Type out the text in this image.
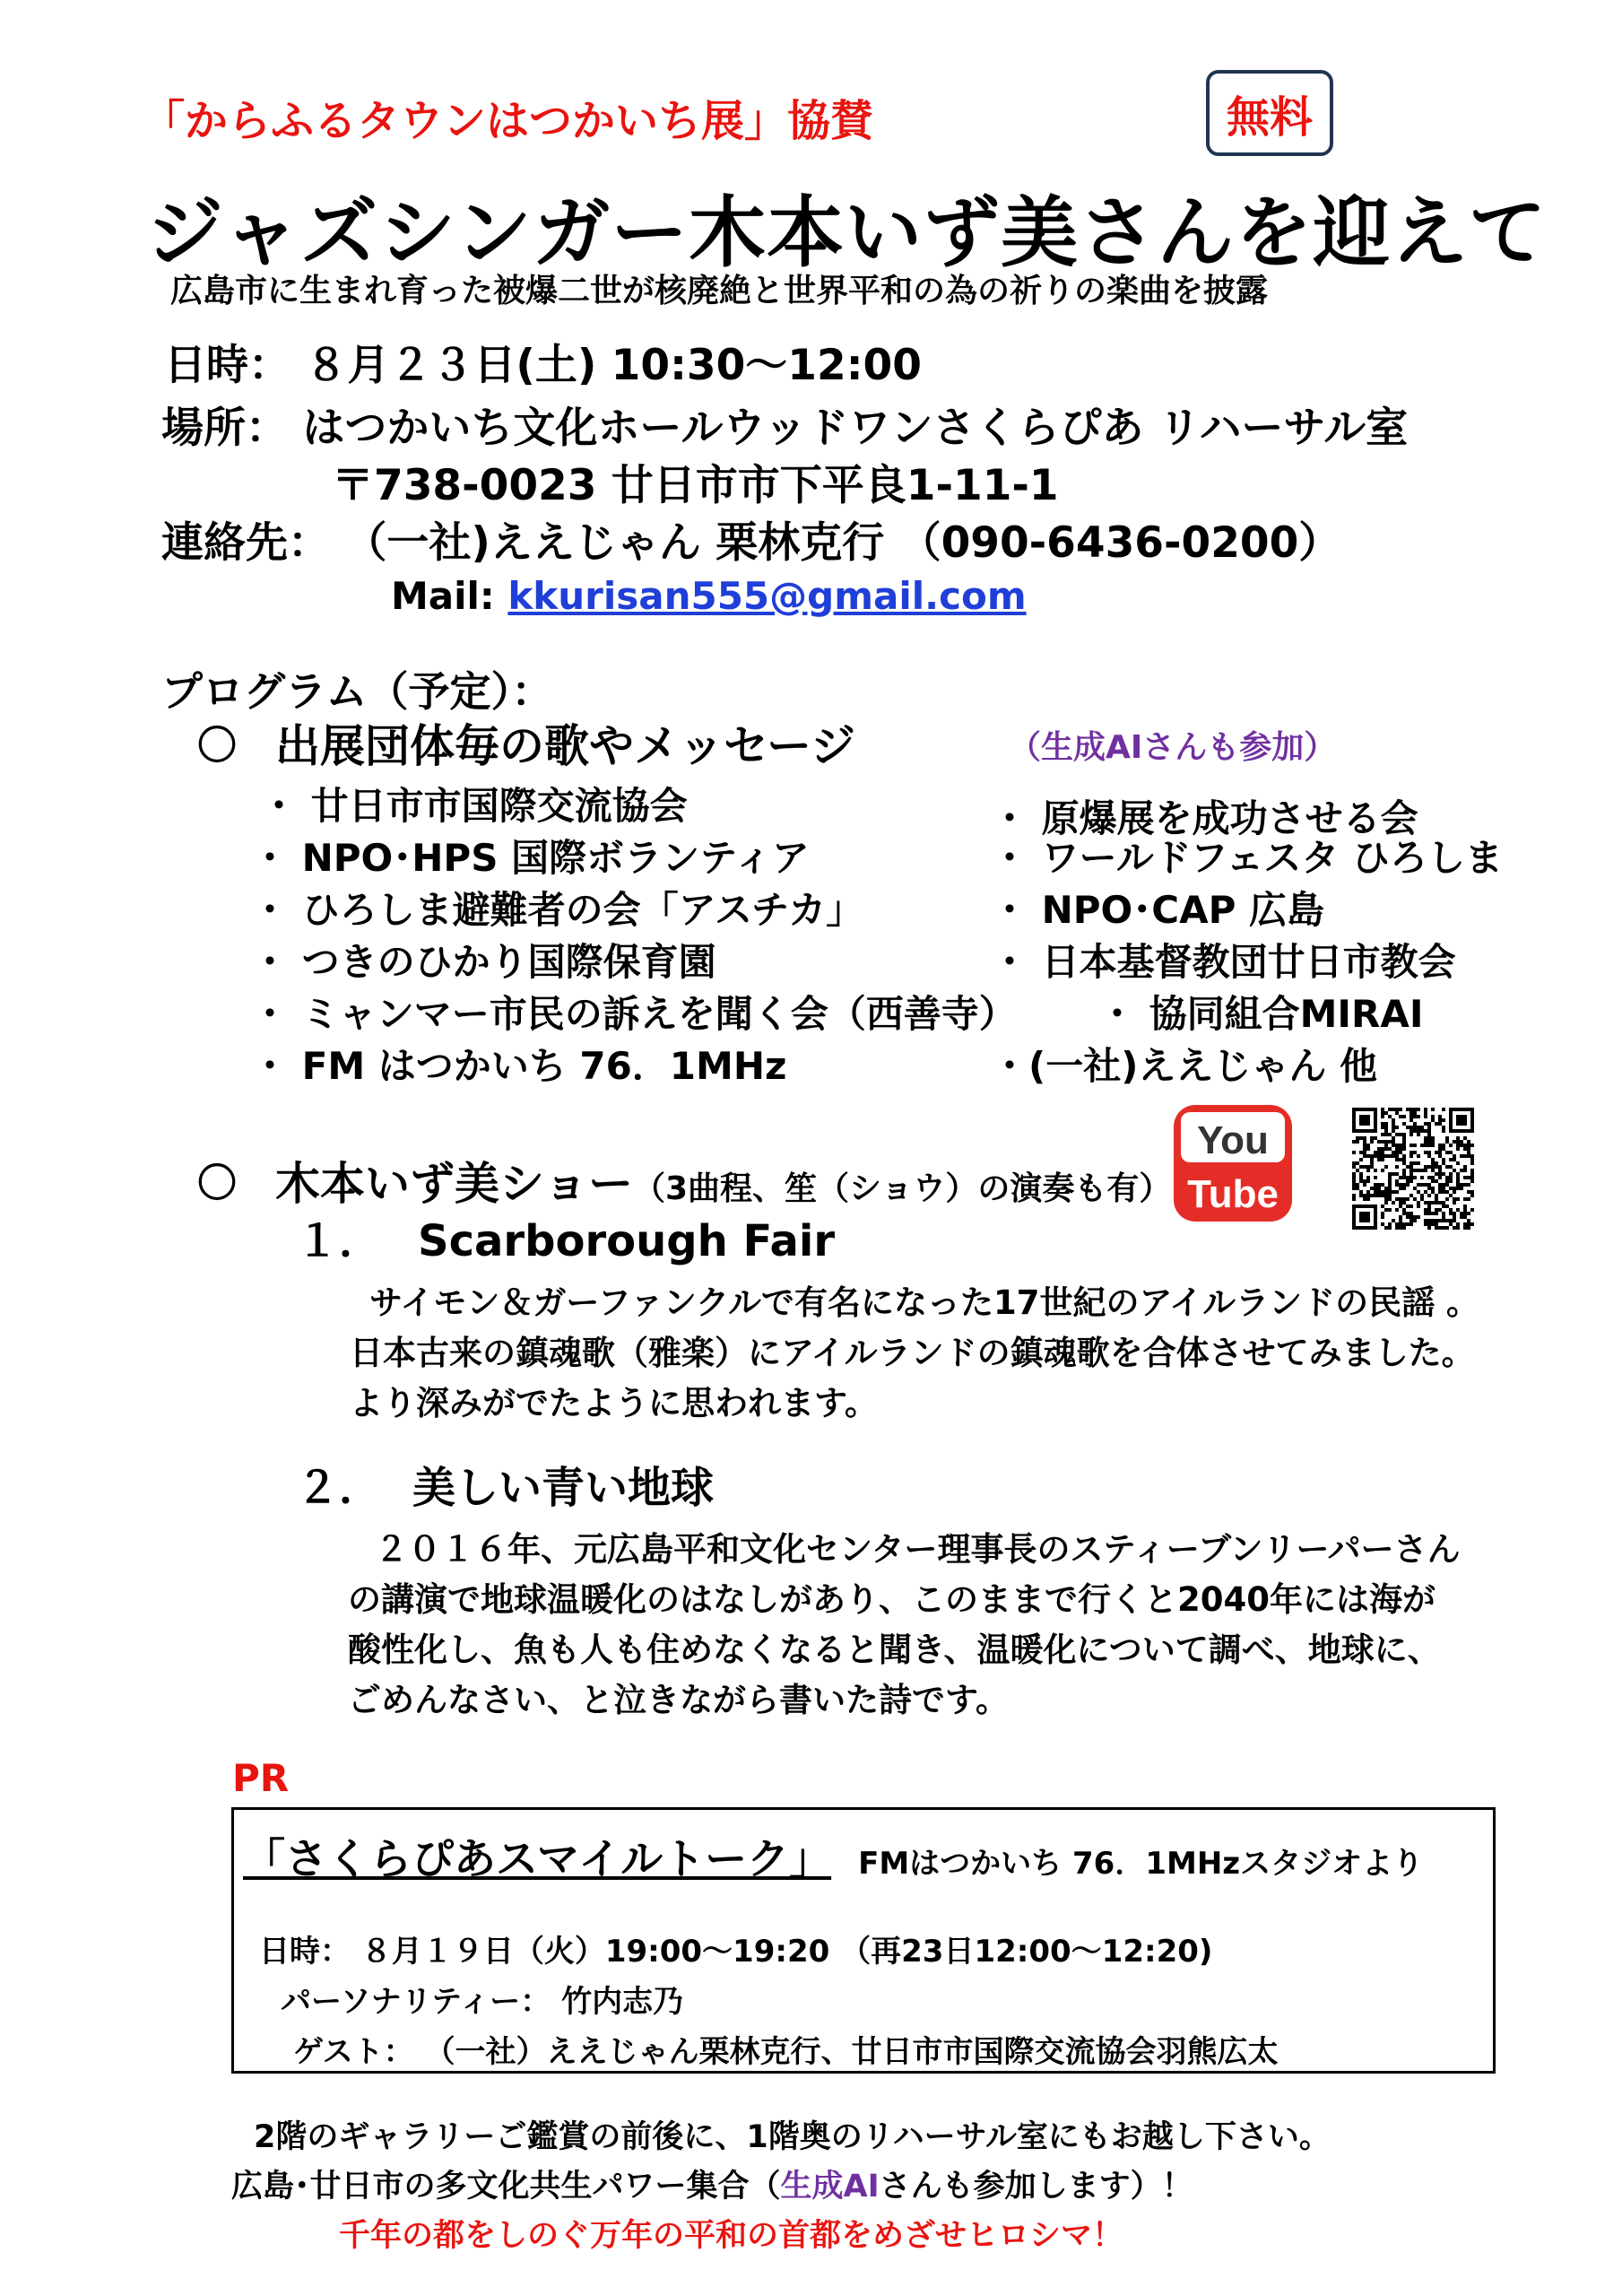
「からふるタウンはつかいち展」協賛	無料
ジャズシンガー木本いず美さんを迎えて
広島市に生まれ育った被爆二世が核廃絶と世界平和の為の祈りの楽曲を披露
日時： ８月２３日(土) 10:30～12:00
場所： はつかいち文化ホールウッドワンさくらぴあ リハーサル室
〒738-0023 廿日市市下平良1-11-1
連絡先： （一社)ええじゃん 栗林克行 （090-6436-0200）
Mail: kkurisan555@gmail.com
プログラム（予定）：
〇 出展団体毎の歌やメッセージ	（生成AIさんも参加）
・ 廿日市市国際交流協会
・ NPO･HPS 国際ボランティア
・ ひろしま避難者の会「アスチカ」
・ つきのひかり国際保育園
・ ミャンマー市民の訴えを聞く会（西善寺）
・ FM はつかいち 76．1MHz
・ 原爆展を成功させる会
・ ワールドフェスタ ひろしま
・ NPO･CAP 広島
・ 日本基督教団廿日市教会
・ 協同組合MIRAI
・(一社)ええじゃん 他
〇 木本いず美ショー（3曲程、笙（ショウ）の演奏も有）
You
Tube
１． Scarborough Fair
サイモン＆ガーファンクルで有名になった17世紀のアイルランドの民謡 。
日本古来の鎮魂歌（雅楽）にアイルランドの鎮魂歌を合体させてみました。
より深みがでたように思われます。
２． 美しい青い地球
２０１６年、元広島平和文化センター理事長のスティーブンリーパーさん
の講演で地球温暖化のはなしがあり、このままで行くと2040年には海が
酸性化し、魚も人も住めなくなると聞き、温暖化について調べ、地球に、
ごめんなさい、と泣きながら書いた詩です。
PR
「さくらぴあスマイルトーク」 FMはつかいち 76．1MHzスタジオより
日時： ８月１９日（火）19:00～19:20 （再23日12:00～12:20)
パーソナリティー： 竹内志乃
ゲスト： （一社）ええじゃん栗林克行、廿日市市国際交流協会羽熊広太
2階のギャラリーご鑑賞の前後に、1階奥のリハーサル室にもお越し下さい。
広島･廿日市の多文化共生パワー集合（生成AIさんも参加します）！
千年の都をしのぐ万年の平和の首都をめざせヒロシマ！
